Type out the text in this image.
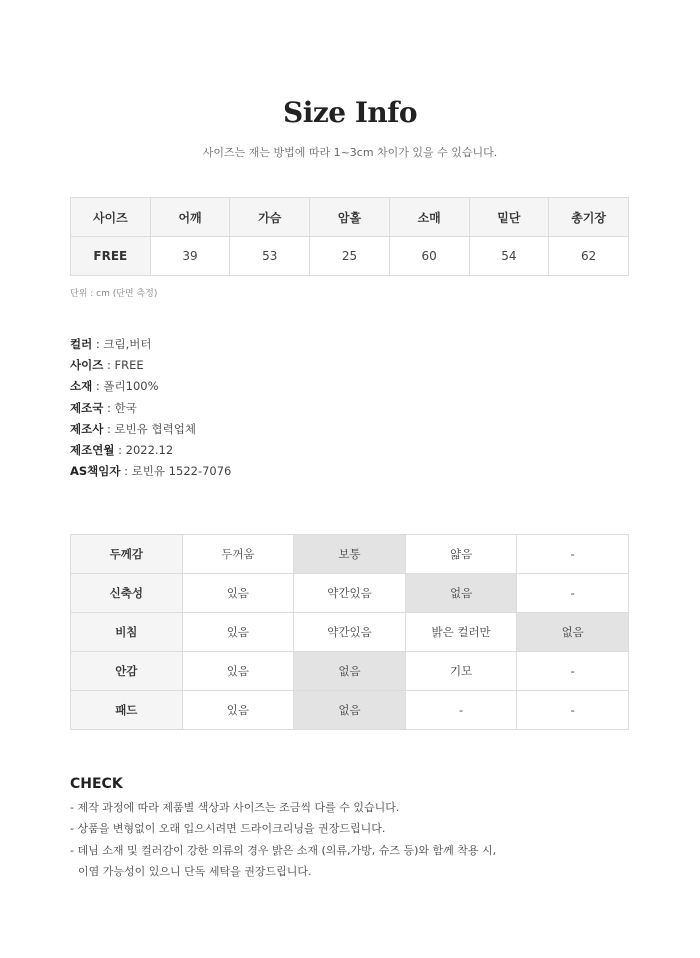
Size Info
사이즈는 재는 방법에 따라 1~3cm 차이가 있을 수 있습니다.
사이즈	어깨	가슴	암홀	소매	밑단	총기장
FREE	39	53	25	60	54	62
단위 : cm (단면 측정)
컬러 : 크림,버터
사이즈 : FREE
소재 : 폴리100%
제조국 : 한국
제조사 : 로빈유 협력업체
제조연월 : 2022.12
AS책임자 : 로빈유 1522-7076
두께감	두꺼움	보통	얇음	-
신축성	있음	약간있음	없음	-
비침	있음	약간있음	밝은 컬러만	없음
안감	있음	없음	기모	-
패드	있음	없음	-	-
CHECK
- 제작 과정에 따라 제품별 색상과 사이즈는 조금씩 다를 수 있습니다.
- 상품을 변형없이 오래 입으시려면 드라이크리닝을 권장드립니다.
- 데님 소재 및 컬러감이 강한 의류의 경우 밝은 소재 (의류,가방, 슈즈 등)와 함께 착용 시,
이염 가능성이 있으니 단독 세탁을 권장드립니다.
